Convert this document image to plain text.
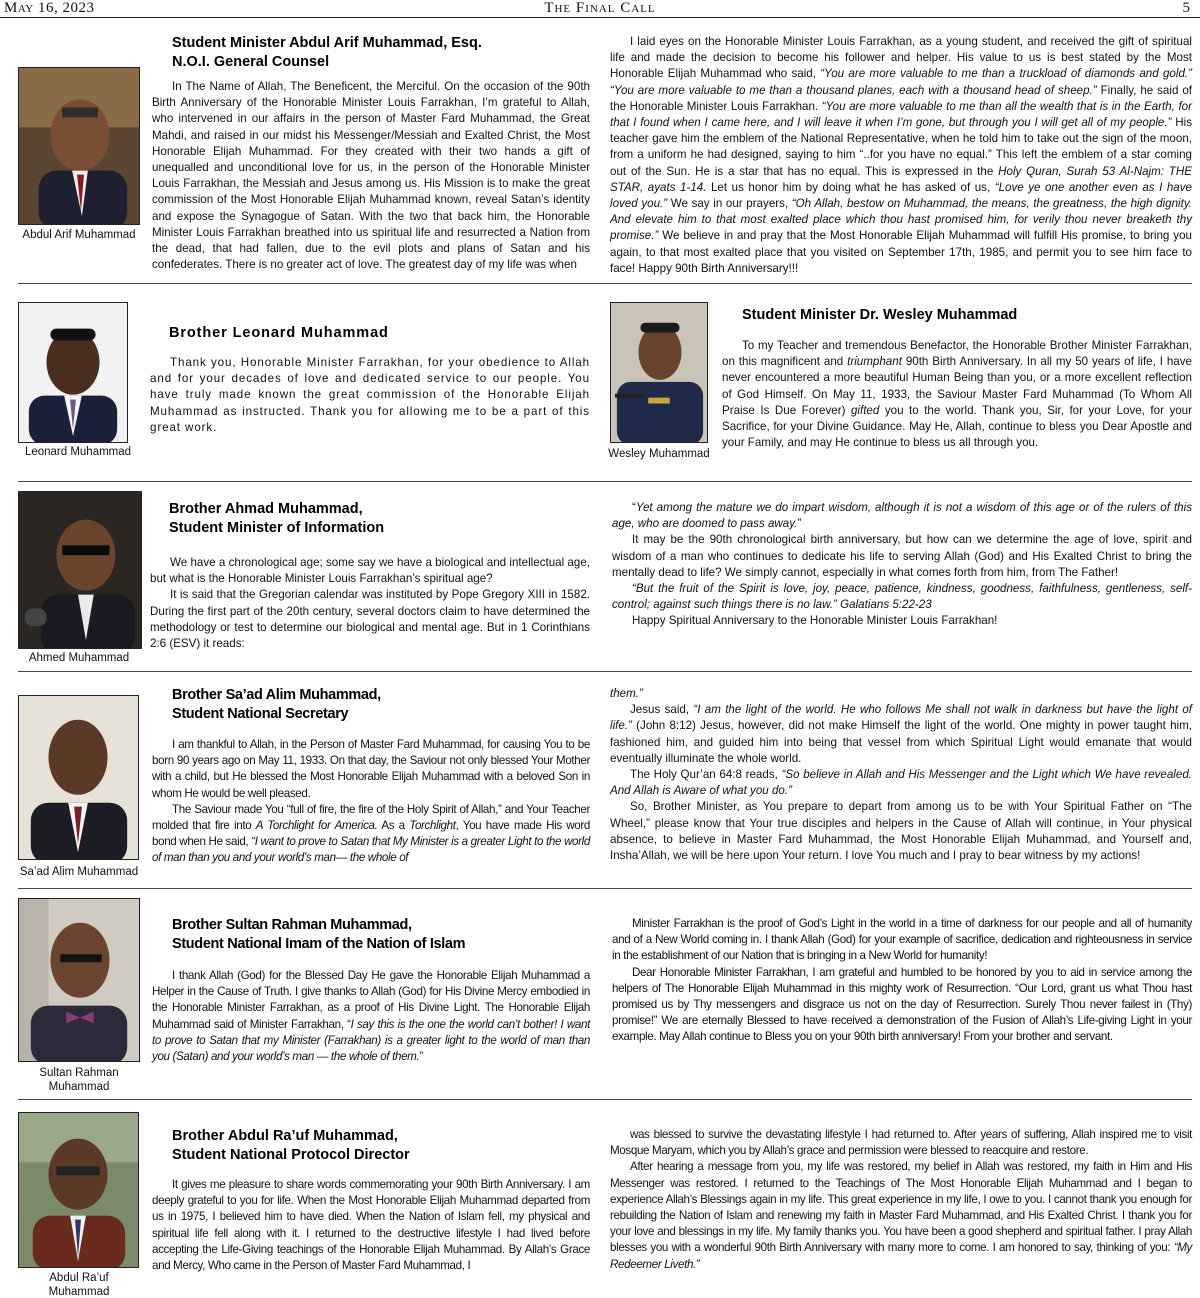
May 16, 2023	The Final Call	5
Abdul Arif Muhammad
Student Minister Abdul Arif Muhammad, Esq.
N.O.I. General Counsel

In The Name of Allah, The Beneficent, the Merciful. On the occasion of the 90th Birth Anniversary of the Honorable Minister Louis Farrakhan, I’m grateful to Allah, who intervened in our affairs in the person of Master Fard Muhammad, the Great Mahdi, and raised in our midst his Messenger/Messiah and Exalted Christ, the Most Honorable Elijah Muhammad. For they created with their two hands a gift of unequalled and unconditional love for us, in the person of the Honorable Minister Louis Farrakhan, the Messiah and Jesus among us. His Mission is to make the great commission of the Most Honorable Elijah Muhammad known, reveal Satan’s identity and expose the Synagogue of Satan. With the two that back him, the Honorable Minister Louis Farrakhan breathed into us spiritual life and resurrected a Nation from the dead, that had fallen, due to the evil plots and plans of Satan and his confederates. There is no greater act of love. The greatest day of my life was when

I laid eyes on the Honorable Minister Louis Farrakhan, as a young student, and received the gift of spiritual life and made the decision to become his follower and helper. His value to us is best stated by the Most Honorable Elijah Muhammad who said, “You are more valuable to me than a truckload of diamonds and gold.” “You are more valuable to me than a thousand planes, each with a thousand head of sheep.” Finally, he said of the Honorable Minister Louis Farrakhan. “You are more valuable to me than all the wealth that is in the Earth, for that I found when I came here, and I will leave it when I’m gone, but through you I will get all of my people.” His teacher gave him the emblem of the National Representative, when he told him to take out the sign of the moon, from a uniform he had designed, saying to him “..for you have no equal.” This left the emblem of a star coming out of the Sun. He is a star that has no equal. This is expressed in the Holy Quran, Surah 53 Al-Najm: THE STAR, ayats 1-14. Let us honor him by doing what he has asked of us, “Love ye one another even as I have loved you.” We say in our prayers, “Oh Allah, bestow on Muhammad, the means, the greatness, the high dignity. And elevate him to that most exalted place which thou hast promised him, for verily thou never breaketh thy promise.” We believe in and pray that the Most Honorable Elijah Muhammad will fulfill His promise, to bring you again, to that most exalted place that you visited on September 17th, 1985, and permit you to see him face to face! Happy 90th Birth Anniversary!!!

Leonard Muhammad
Brother Leonard Muhammad

Thank you, Honorable Minister Farrakhan, for your obedience to Allah and for your decades of love and dedicated service to our people. You have truly made known the great commission of the Honorable Elijah Muhammad as instructed. Thank you for allowing me to be a part of this great work.

Wesley Muhammad
Student Minister Dr. Wesley Muhammad

To my Teacher and tremendous Benefactor, the Honorable Brother Minister Farrakhan, on this magnificent and triumphant 90th Birth Anniversary. In all my 50 years of life, I have never encountered a more beautiful Human Being than you, or a more excellent reflection of God Himself. On May 11, 1933, the Saviour Master Fard Muhammad (To Whom All Praise Is Due Forever) gifted you to the world. Thank you, Sir, for your Love, for your Sacrifice, for your Divine Guidance. May He, Allah, continue to bless you Dear Apostle and your Family, and may He continue to bless us all through you.

Ahmed Muhammad
Brother Ahmad Muhammad,
Student Minister of Information

We have a chronological age; some say we have a biological and intellectual age, but what is the Honorable Minister Louis Farrakhan’s spiritual age?

It is said that the Gregorian calendar was instituted by Pope Gregory XIII in 1582. During the first part of the 20th century, several doctors claim to have determined the methodology or test to determine our biological and mental age. But in 1 Corinthians 2:6 (ESV) it reads:

“Yet among the mature we do impart wisdom, although it is not a wisdom of this age or of the rulers of this age, who are doomed to pass away.”

It may be the 90th chronological birth anniversary, but how can we determine the age of love, spirit and wisdom of a man who continues to dedicate his life to serving Allah (God) and His Exalted Christ to bring the mentally dead to life? We simply cannot, especially in what comes forth from him, from The Father!

“But the fruit of the Spirit is love, joy, peace, patience, kindness, goodness, faithfulness, gentleness, self-control; against such things there is no law.” Galatians 5:22-23

Happy Spiritual Anniversary to the Honorable Minister Louis Farrakhan!

Sa’ad Alim Muhammad
Brother Sa’ad Alim Muhammad,
Student National Secretary

I am thankful to Allah, in the Person of Master Fard Muhammad, for causing You to be born 90 years ago on May 11, 1933. On that day, the Saviour not only blessed Your Mother with a child, but He blessed the Most Honorable Elijah Muhammad with a beloved Son in whom He would be well pleased.

The Saviour made You “full of fire, the fire of the Holy Spirit of Allah,” and Your Teacher molded that fire into A Torchlight for America. As a Torchlight, You have made His word bond when He said, “I want to prove to Satan that My Minister is a greater Light to the world of man than you and your world’s man— the whole of

them.”

Jesus said, “I am the light of the world. He who follows Me shall not walk in darkness but have the light of life.” (John 8:12) Jesus, however, did not make Himself the light of the world. One mighty in power taught him, fashioned him, and guided him into being that vessel from which Spiritual Light would emanate that would eventually illuminate the whole world.

The Holy Qur’an 64:8 reads, “So believe in Allah and His Messenger and the Light which We have revealed. And Allah is Aware of what you do.”

So, Brother Minister, as You prepare to depart from among us to be with Your Spiritual Father on “The Wheel,” please know that Your true disciples and helpers in the Cause of Allah will continue, in Your physical absence, to believe in Master Fard Muhammad, the Most Honorable Elijah Muhammad, and Yourself and, Insha’Allah, we will be here upon Your return. I love You much and I pray to bear witness by my actions!

Sultan Rahman
Muhammad
Brother Sultan Rahman Muhammad,
Student National Imam of the Nation of Islam

I thank Allah (God) for the Blessed Day He gave the Honorable Elijah Muhammad a Helper in the Cause of Truth. I give thanks to Allah (God) for His Divine Mercy embodied in the Honorable Minister Farrakhan, as a proof of His Divine Light. The Honorable Elijah Muhammad said of Minister Farrakhan, “I say this is the one the world can’t bother! I want to prove to Satan that my Minister (Farrakhan) is a greater light to the world of man than you (Satan) and your world’s man — the whole of them.”

Minister Farrakhan is the proof of God’s Light in the world in a time of darkness for our people and all of humanity and of a New World coming in. I thank Allah (God) for your example of sacrifice, dedication and righteousness in service in the establishment of our Nation that is bringing in a New World for humanity!

Dear Honorable Minister Farrakhan, I am grateful and humbled to be honored by you to aid in service among the helpers of The Honorable Elijah Muhammad in this mighty work of Resurrection. “Our Lord, grant us what Thou hast promised us by Thy messengers and disgrace us not on the day of Resurrection. Surely Thou never failest in (Thy) promise!” We are eternally Blessed to have received a demonstration of the Fusion of Allah’s Life-giving Light in your example. May Allah continue to Bless you on your 90th birth anniversary! From your brother and servant.

Abdul Ra’uf Muhammad
Brother Abdul Ra’uf Muhammad,
Student National Protocol Director

It gives me pleasure to share words commemorating your 90th Birth Anniversary. I am deeply grateful to you for life. When the Most Honorable Elijah Muhammad departed from us in 1975, I believed him to have died. When the Nation of Islam fell, my physical and spiritual life fell along with it. I returned to the destructive lifestyle I had lived before accepting the Life-Giving teachings of the Honorable Elijah Muhammad. By Allah’s Grace and Mercy, Who came in the Person of Master Fard Muhammad, I

was blessed to survive the devastating lifestyle I had returned to. After years of suffering, Allah inspired me to visit Mosque Maryam, which you by Allah’s grace and permission were blessed to reacquire and restore.

After hearing a message from you, my life was restored, my belief in Allah was restored, my faith in Him and His Messenger was restored. I returned to the Teachings of The Most Honorable Elijah Muhammad and I began to experience Allah’s Blessings again in my life. This great experience in my life, I owe to you. I cannot thank you enough for rebuilding the Nation of Islam and renewing my faith in Master Fard Muhammad, and His Exalted Christ. I thank you for your love and blessings in my life. My family thanks you. You have been a good shepherd and spiritual father. I pray Allah blesses you with a wonderful 90th Birth Anniversary with many more to come. I am honored to say, thinking of you: “My Redeemer Liveth.”
